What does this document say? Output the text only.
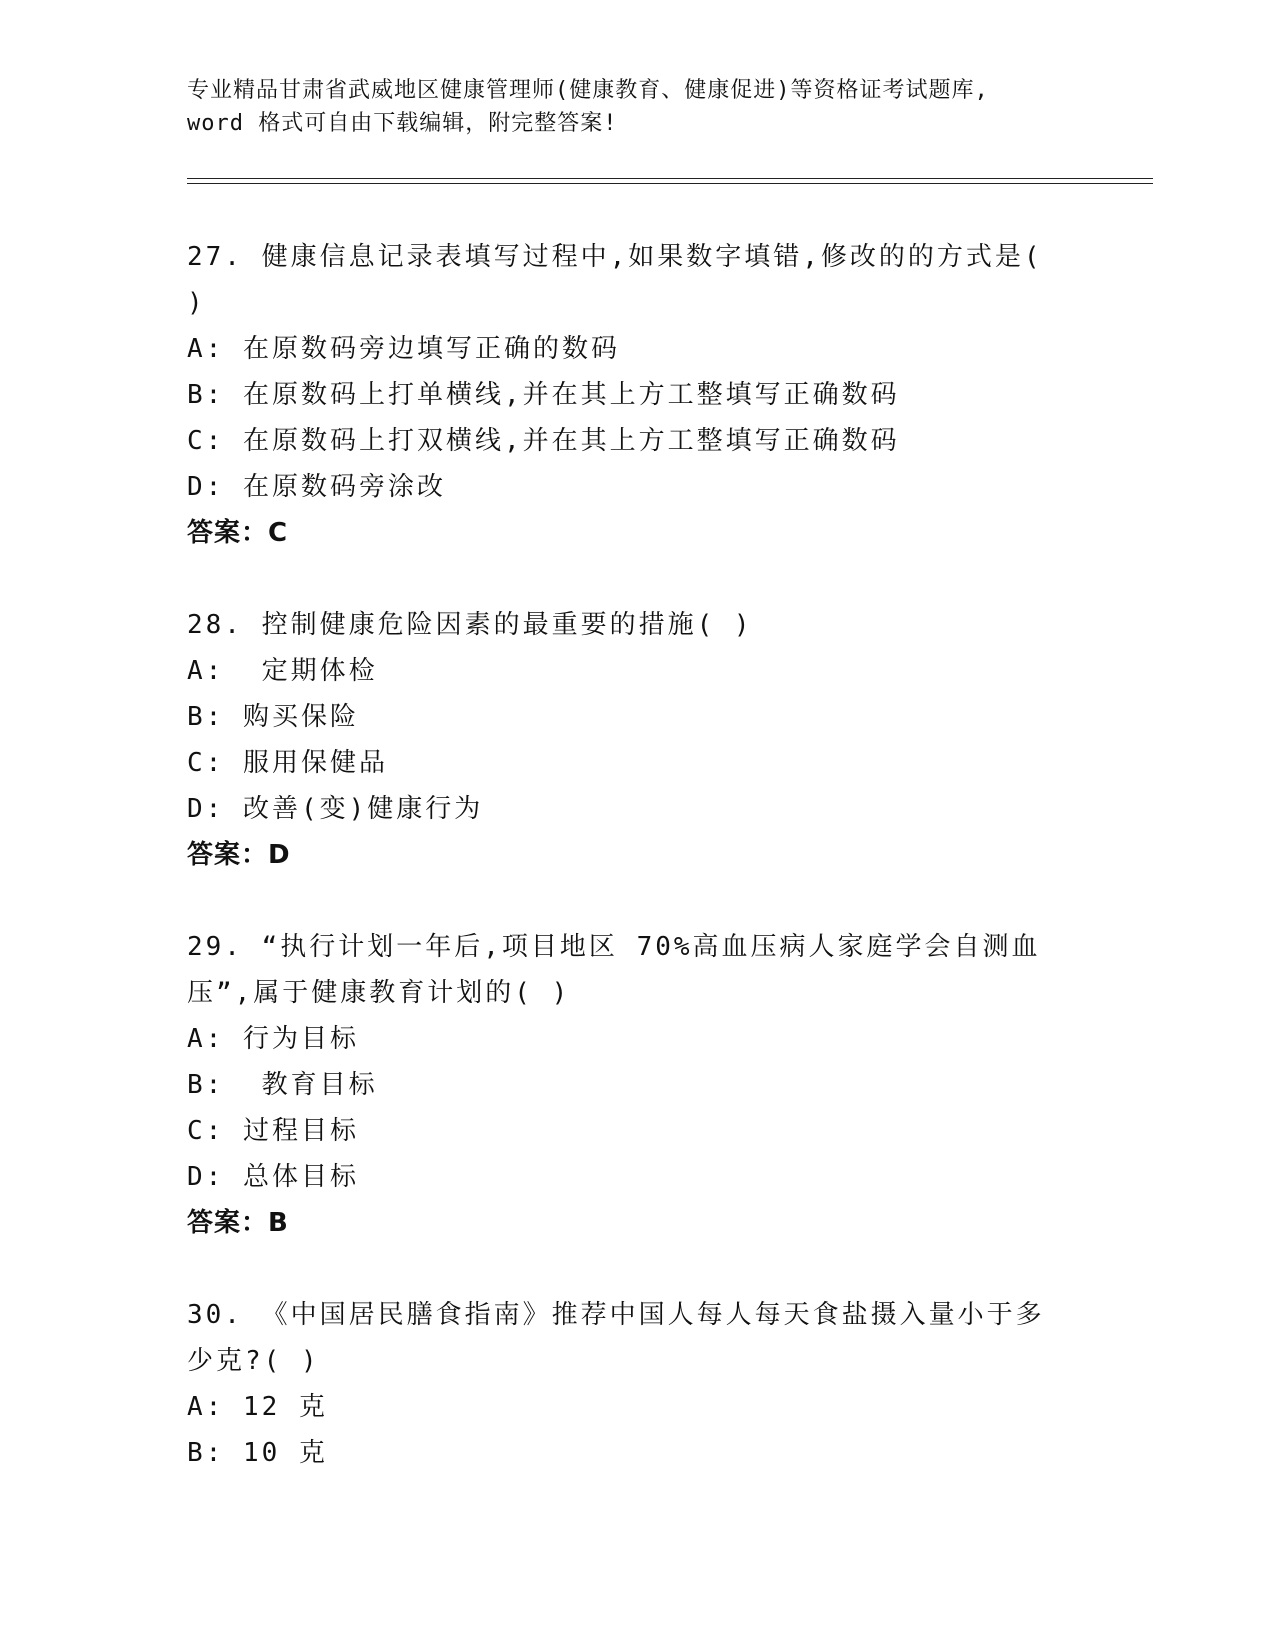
专业精品甘肃省武威地区健康管理师(健康教育、健康促进)等资格证考试题库,
word 格式可自由下载编辑，附完整答案!
27. 健康信息记录表填写过程中,如果数字填错,修改的的方式是( )
A: 在原数码旁边填写正确的数码
B: 在原数码上打单横线,并在其上方工整填写正确数码
C: 在原数码上打双横线,并在其上方工整填写正确数码
D: 在原数码旁涂改
答案：C
28. 控制健康危险因素的最重要的措施( )
A:  定期体检
B: 购买保险
C: 服用保健品
D: 改善(变)健康行为
答案：D
29. “执行计划一年后,项目地区 70%高血压病人家庭学会自测血压”,属于健康教育计划的( )
A: 行为目标
B:  教育目标
C: 过程目标
D: 总体目标
答案：B
30. 《中国居民膳食指南》推荐中国人每人每天食盐摄入量小于多少克?( )
A: 12 克
B: 10 克
